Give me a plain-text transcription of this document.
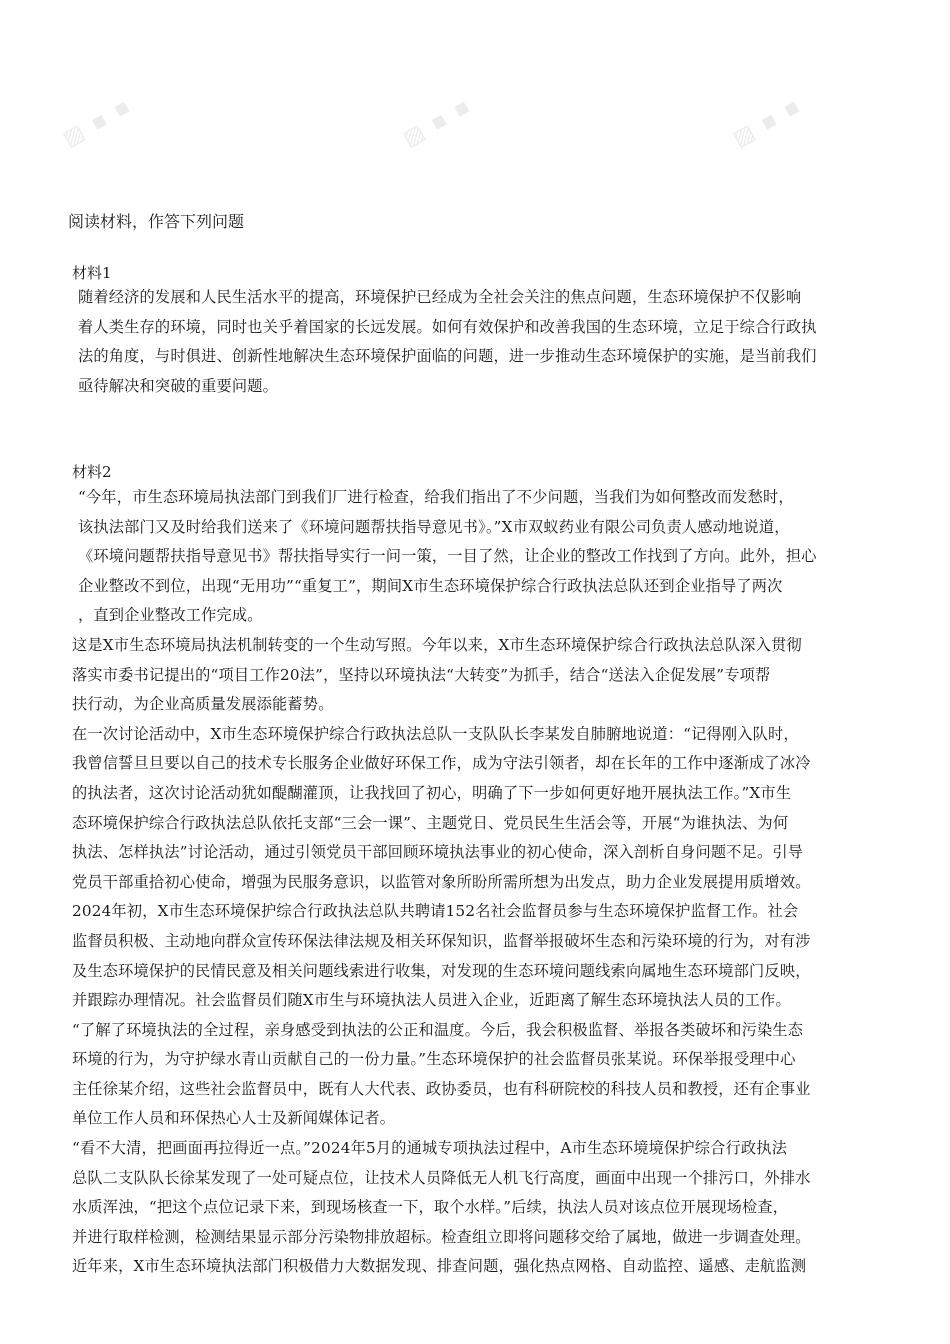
▨ ▪ ▪	▨ ▪ ▪	▨ ▪ ▪
阅读材料，作答下列问题
材料1

随着经济的发展和人民生活水平的提高，环境保护已经成为全社会关注的焦点问题，生态环境保护不仅影响

着人类生存的环境，同时也关乎着国家的长远发展。如何有效保护和改善我国的生态环境，立足于综合行政执

法的角度，与时俱进、创新性地解决生态环境保护面临的问题，进一步推动生态环境保护的实施，是当前我们

亟待解决和突破的重要问题。

材料2

“今年，市生态环境局执法部门到我们厂进行检查，给我们指出了不少问题，当我们为如何整改而发愁时，

该执法部门又及时给我们送来了《环境问题帮扶指导意见书》。”X市双蚁药业有限公司负责人感动地说道，

《环境问题帮扶指导意见书》帮扶指导实行一问一策，一目了然，让企业的整改工作找到了方向。此外，担心

企业整改不到位，出现“无用功”“重复工”，期间X市生态环境保护综合行政执法总队还到企业指导了两次

，直到企业整改工作完成。

这是X市生态环境局执法机制转变的一个生动写照。今年以来，X市生态环境保护综合行政执法总队深入贯彻

落实市委书记提出的“项目工作20法”，坚持以环境执法“大转变”为抓手，结合“送法入企促发展”专项帮

扶行动，为企业高质量发展添能蓄势。

在一次讨论活动中，X市生态环境保护综合行政执法总队一支队队长李某发自肺腑地说道：“记得刚入队时，

我曾信誓旦旦要以自己的技术专长服务企业做好环保工作，成为守法引领者，却在长年的工作中逐渐成了冰冷

的执法者，这次讨论活动犹如醍醐灌顶，让我找回了初心，明确了下一步如何更好地开展执法工作。”X市生

态环境保护综合行政执法总队依托支部“三会一课”、主题党日、党员民生生活会等，开展“为谁执法、为何

执法、怎样执法”讨论活动，通过引领党员干部回顾环境执法事业的初心使命，深入剖析自身问题不足。引导

党员干部重拾初心使命，增强为民服务意识，以监管对象所盼所需所想为出发点，助力企业发展提用质增效。

2024年初，X市生态环境保护综合行政执法总队共聘请152名社会监督员参与生态环境保护监督工作。社会

监督员积极、主动地向群众宣传环保法律法规及相关环保知识，监督举报破坏生态和污染环境的行为，对有涉

及生态环境保护的民情民意及相关问题线索进行收集，对发现的生态环境问题线索向属地生态环境部门反映，

并跟踪办理情况。社会监督员们随X市生与环境执法人员进入企业，近距离了解生态环境执法人员的工作。

“了解了环境执法的全过程，亲身感受到执法的公正和温度。今后，我会积极监督、举报各类破坏和污染生态

环境的行为，为守护绿水青山贡献自己的一份力量。”生态环境保护的社会监督员张某说。环保举报受理中心

主任徐某介绍，这些社会监督员中，既有人大代表、政协委员，也有科研院校的科技人员和教授，还有企事业

单位工作人员和环保热心人士及新闻媒体记者。

“看不大清，把画面再拉得近一点。”2024年5月的通城专项执法过程中，A市生态环境境保护综合行政执法

总队二支队队长徐某发现了一处可疑点位，让技术人员降低无人机飞行高度，画面中出现一个排污口，外排水

水质浑浊，“把这个点位记录下来，到现场核查一下，取个水样。”后续，执法人员对该点位开展现场检查，

并进行取样检测，检测结果显示部分污染物排放超标。检查组立即将问题移交给了属地，做进一步调查处理。

近年来，X市生态环境执法部门积极借力大数据发现、排查问题，强化热点网格、自动监控、遥感、走航监测
